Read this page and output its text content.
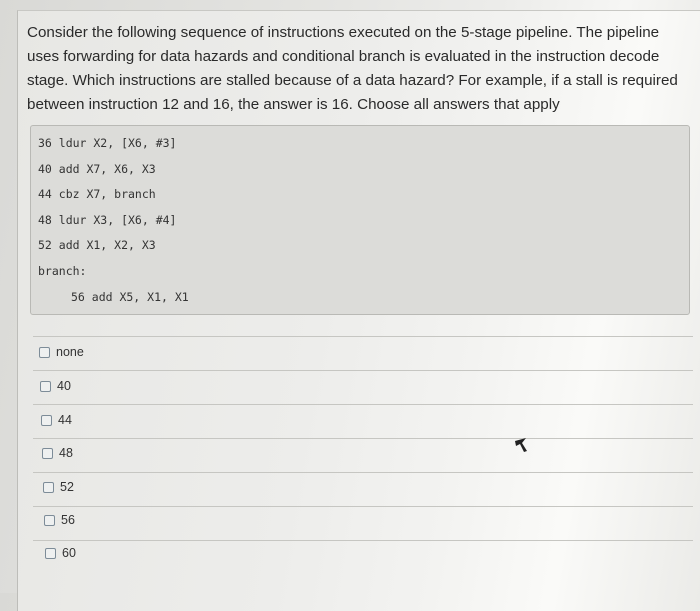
Consider the following sequence of instructions executed on the 5-stage pipeline. The pipeline uses forwarding for data hazards and conditional branch is evaluated in the instruction decode stage. Which instructions are stalled because of a data hazard? For example, if a stall is required between instruction 12 and 16, the answer is 16. Choose all answers that apply

36 ldur X2, [X6, #3]
40 add X7, X6, X3
44 cbz X7, branch
48 ldur X3, [X6, #4]
52 add X1, X2, X3
branch:
56 add X5, X1, X1
none
40
44
48
52
56
60
